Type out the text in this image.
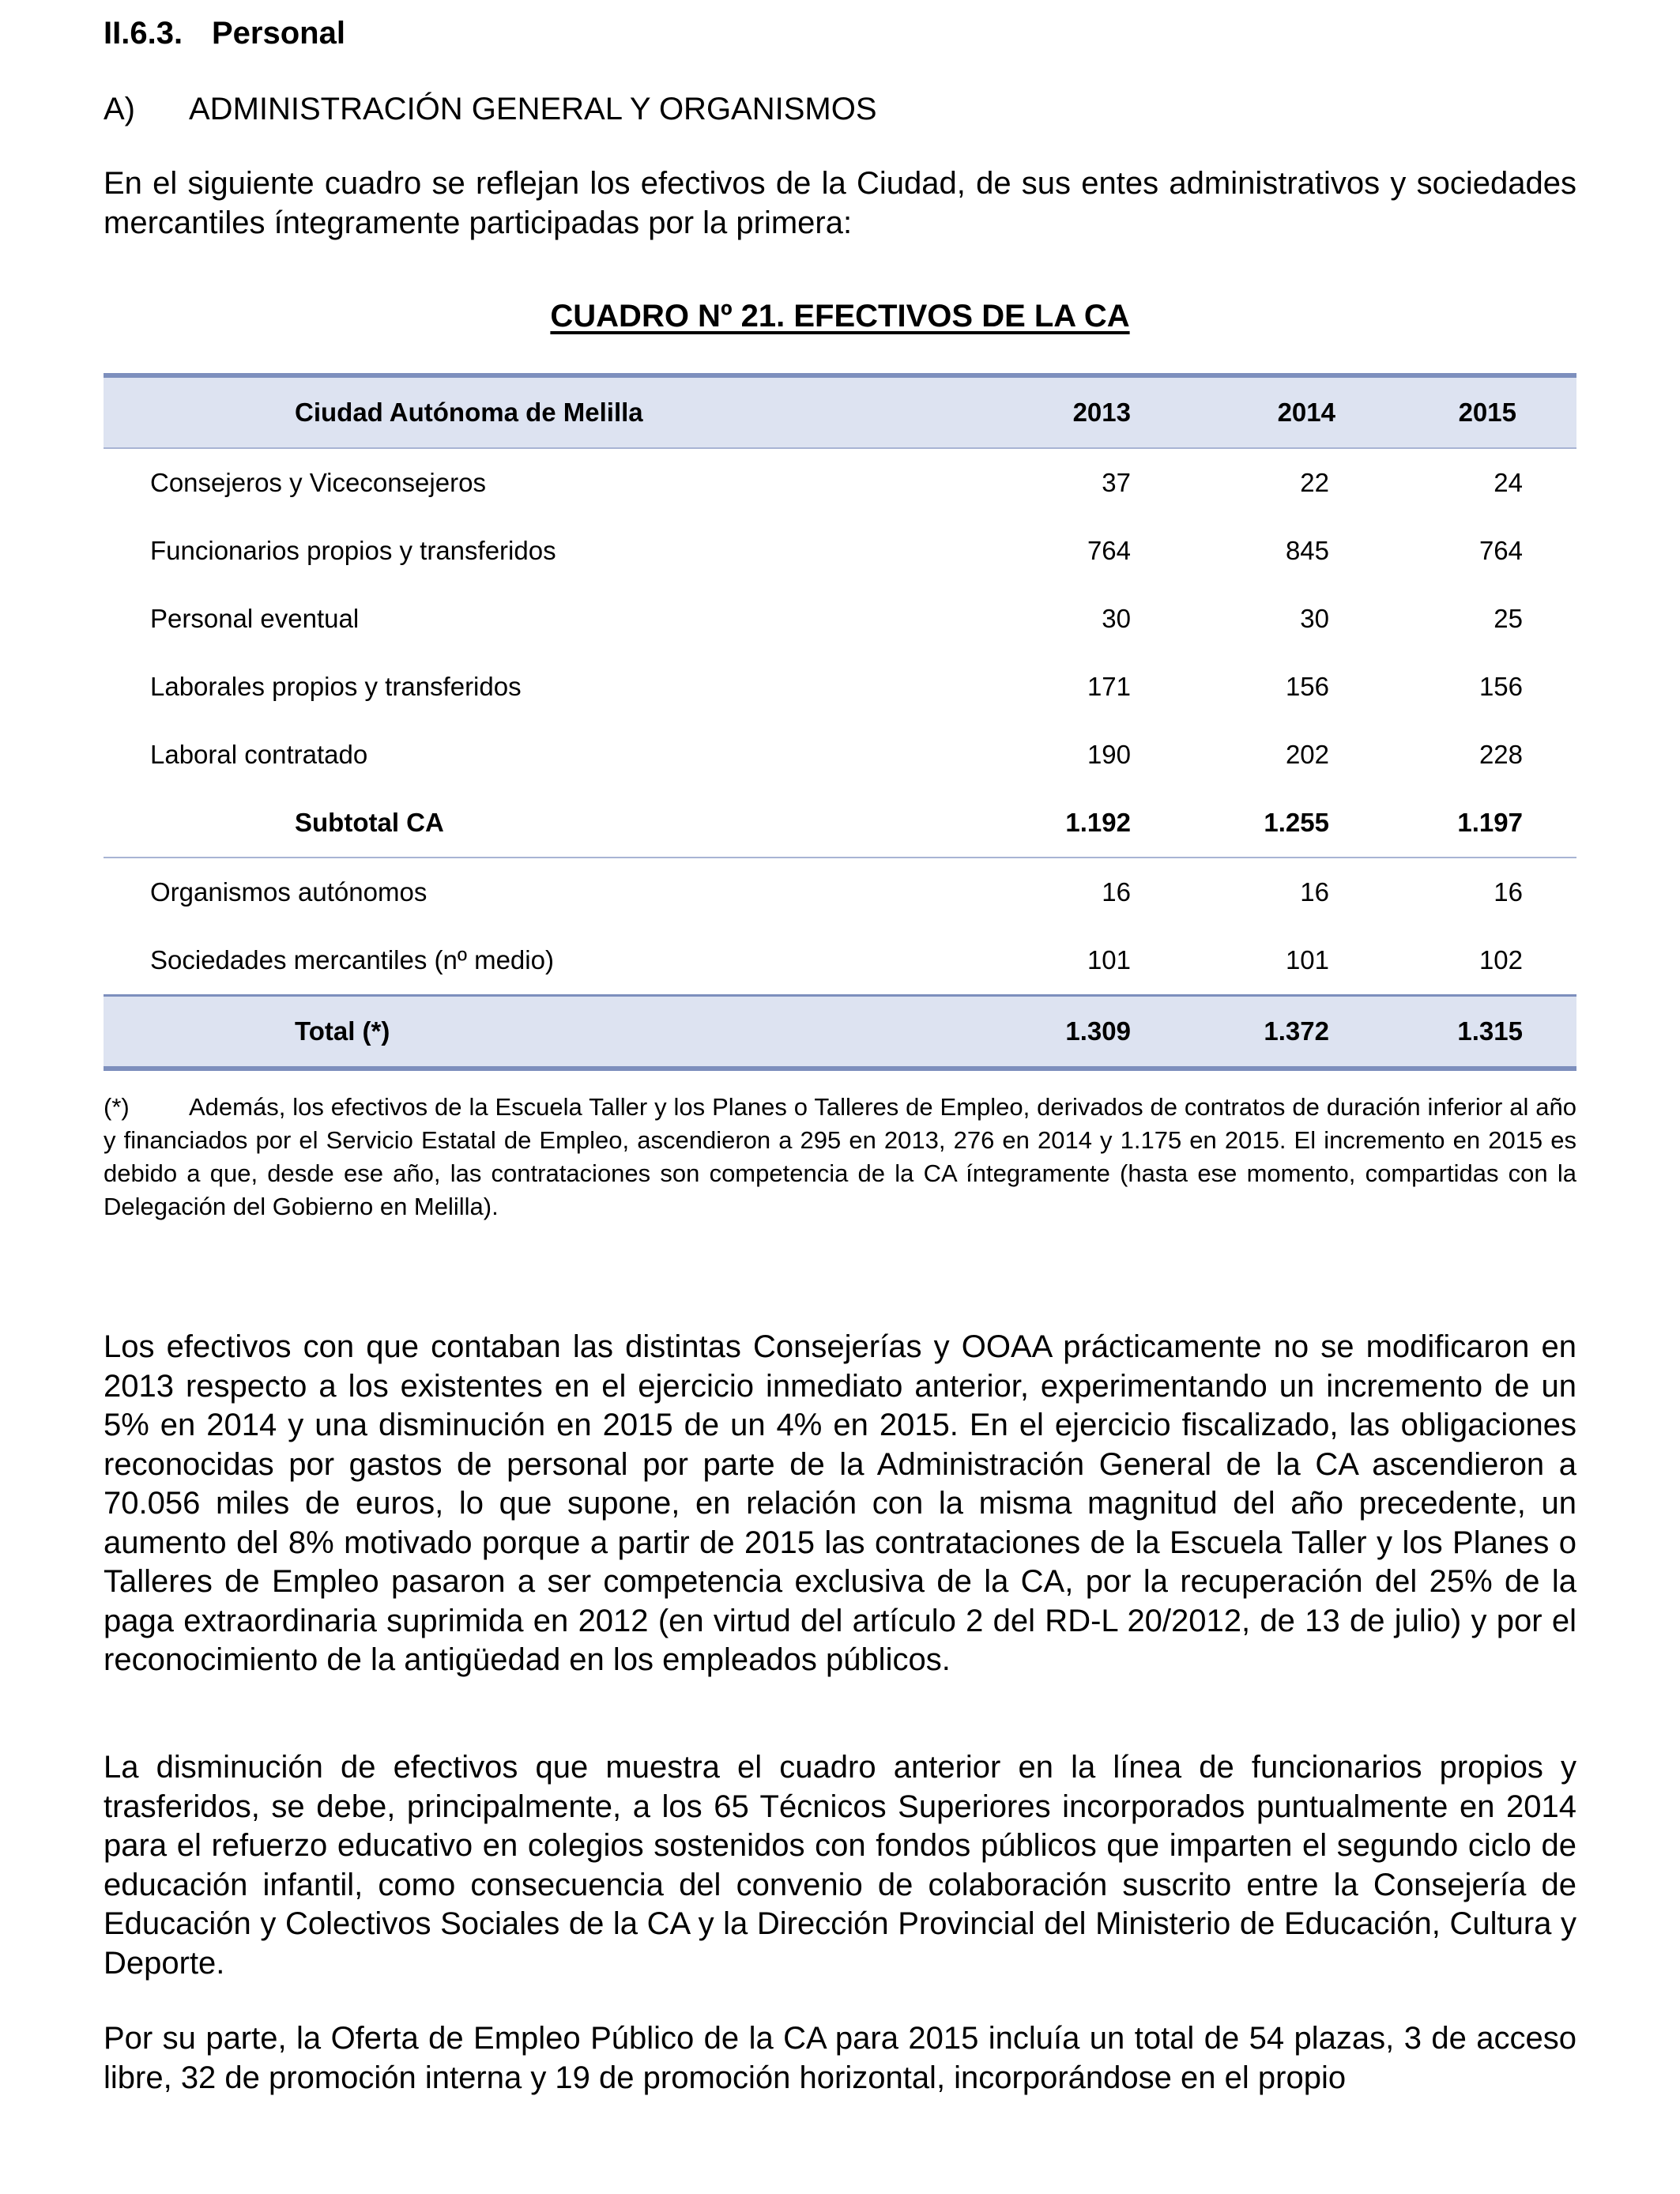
II.6.3. Personal
A) ADMINISTRACIÓN GENERAL Y ORGANISMOS

En el siguiente cuadro se reflejan los efectivos de la Ciudad, de sus entes administrativos y sociedades mercantiles íntegramente participadas por la primera:

CUADRO Nº 21. EFECTIVOS DE LA CA
Ciudad Autónoma de Melilla	2013	2014	2015
Consejeros y Viceconsejeros	37	22	24
Funcionarios propios y transferidos	764	845	764
Personal eventual	30	30	25
Laborales propios y transferidos	171	156	156
Laboral contratado	190	202	228
Subtotal CA	1.192	1.255	1.197
Organismos autónomos	16	16	16
Sociedades mercantiles (nº medio)	101	101	102
Total (*)	1.309	1.372	1.315

(*) Además, los efectivos de la Escuela Taller y los Planes o Talleres de Empleo, derivados de contratos de duración inferior al año y financiados por el Servicio Estatal de Empleo, ascendieron a 295 en 2013, 276 en 2014 y 1.175 en 2015. El incremento en 2015 es debido a que, desde ese año, las contrataciones son competencia de la CA íntegramente (hasta ese momento, compartidas con la Delegación del Gobierno en Melilla).

Los efectivos con que contaban las distintas Consejerías y OOAA prácticamente no se modificaron en 2013 respecto a los existentes en el ejercicio inmediato anterior, experimentando un incremento de un 5% en 2014 y una disminución en 2015 de un 4% en 2015. En el ejercicio fiscalizado, las obligaciones reconocidas por gastos de personal por parte de la Administración General de la CA ascendieron a 70.056 miles de euros, lo que supone, en relación con la misma magnitud del año precedente, un aumento del 8% motivado porque a partir de 2015 las contrataciones de la Escuela Taller y los Planes o Talleres de Empleo pasaron a ser competencia exclusiva de la CA, por la recuperación del 25% de la paga extraordinaria suprimida en 2012 (en virtud del artículo 2 del RD-L 20/2012, de 13 de julio) y por el reconocimiento de la antigüedad en los empleados públicos.

La disminución de efectivos que muestra el cuadro anterior en la línea de funcionarios propios y trasferidos, se debe, principalmente, a los 65 Técnicos Superiores incorporados puntualmente en 2014 para el refuerzo educativo en colegios sostenidos con fondos públicos que imparten el segundo ciclo de educación infantil, como consecuencia del convenio de colaboración suscrito entre la Consejería de Educación y Colectivos Sociales de la CA y la Dirección Provincial del Ministerio de Educación, Cultura y Deporte.

Por su parte, la Oferta de Empleo Público de la CA para 2015 incluía un total de 54 plazas, 3 de acceso libre, 32 de promoción interna y 19 de promoción horizontal, incorporándose en el propio
